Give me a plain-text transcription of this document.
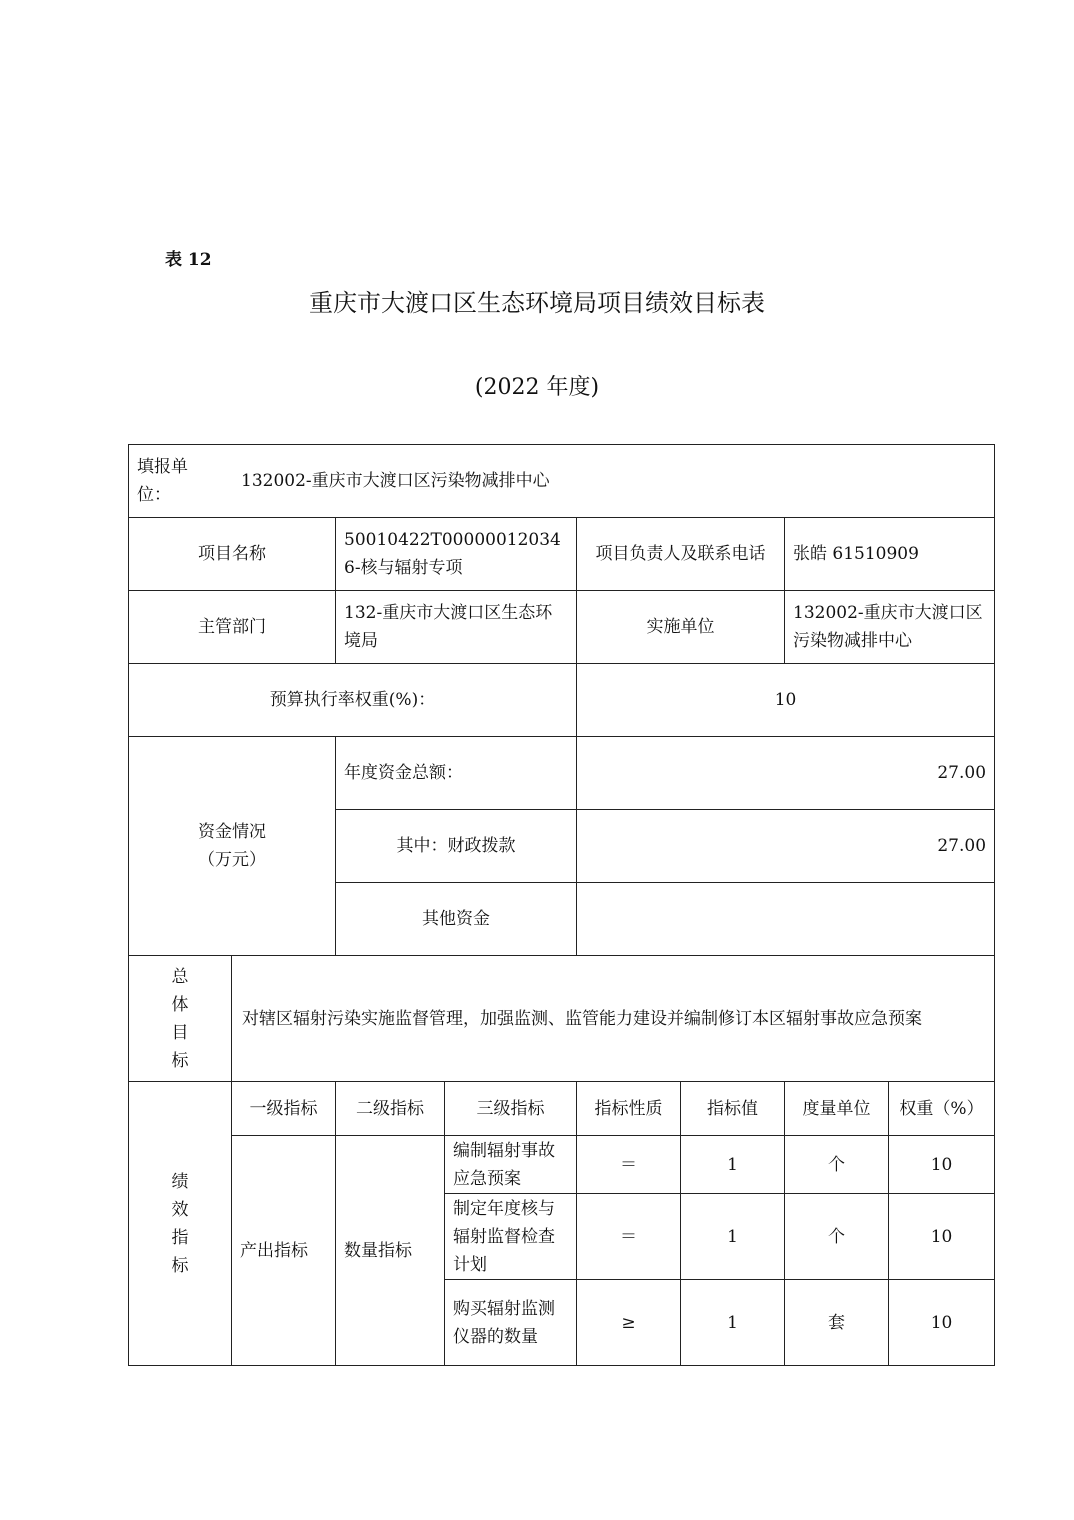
表 12
重庆市大渡口区生态环境局项目绩效目标表
(2022 年度)
填报单位：132002-重庆市大渡口区污染物减排中心							
项目名称		50010422T000000120346-核与辐射专项		项目负责人及联系电话		张皓 61510909	
主管部门		132-重庆市大渡口区生态环境局		实施单位		132002-重庆市大渡口区污染物减排中心	
预算执行率权重(%)：				10			

资金情况
（万元）		年度资金总额：		27.00			
		其中：财政拨款		27.00			
		其他资金					

总
体
目
标	对辖区辐射污染实施监督管理，加强监测、监管能力建设并编制修订本区辐射事故应急预案						

绩
效
指
标	一级指标	二级指标	三级指标	指标性质	指标值	度量单位	权重（%）
	产出指标	数量指标	编制辐射事故应急预案	＝	1	个	10
			制定年度核与辐射监督检查计划	＝	1	个	10
			购买辐射监测仪器的数量	≥	1	套	10
